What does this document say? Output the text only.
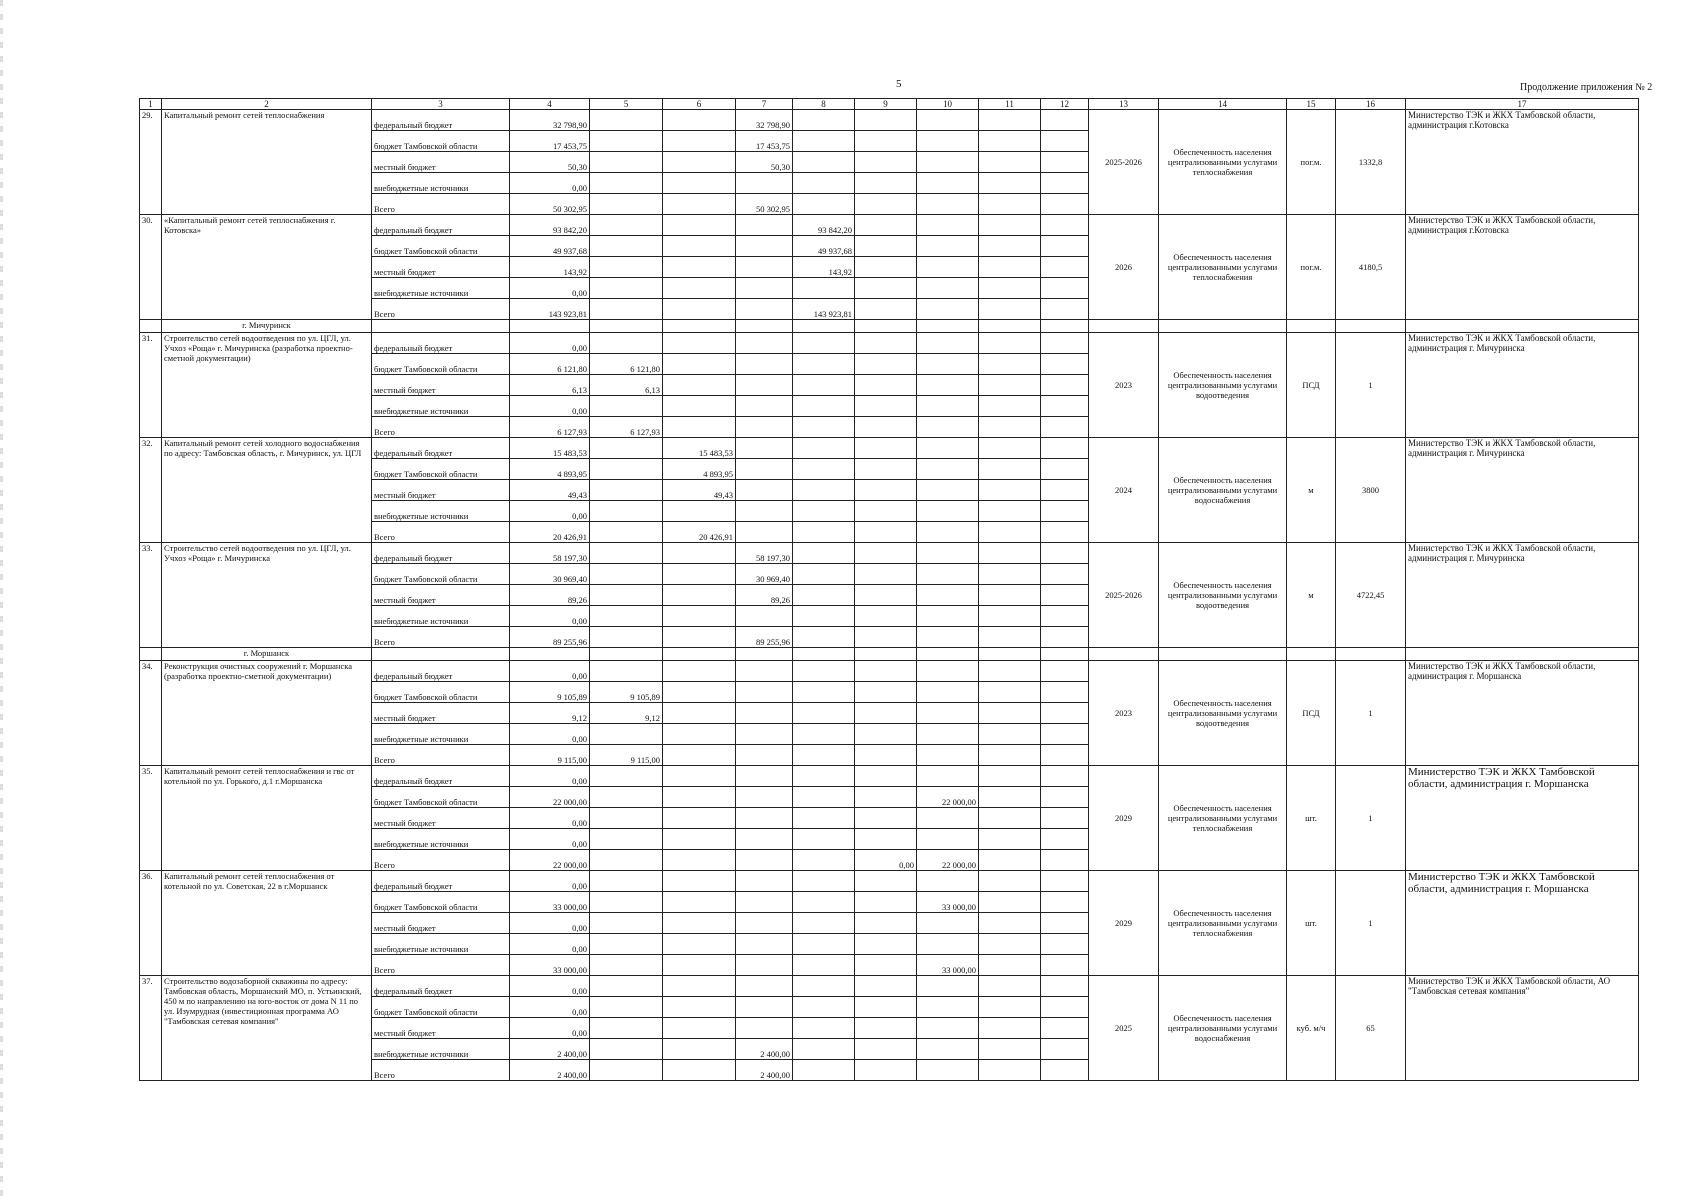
5	Продолжение приложения № 2
1	2	3	4	5	6	7	8	9	10	11	12	13	14	15	16	17
29.	Капитальный ремонт сетей теплоснабжения	федеральный бюджет	32 798,90			32 798,90						2025-2026	Обеспеченность населения централизованными услугами теплоснабжения	пог.м.	1332,8	Министерство ТЭК и ЖКХ Тамбовской области, администрация г.Котовска
		бюджет Тамбовской области	17 453,75			17 453,75										
		местный бюджет	50,30			50,30										
		внебюджетные источники	0,00													
		Всего	50 302,95			50 302,95										
30.	«Капитальный ремонт сетей теплоснабжения г. Котовска»	федеральный бюджет	93 842,20				93 842,20					2026	Обеспеченность населения централизованными услугами теплоснабжения	пог.м.	4180,5	Министерство ТЭК и ЖКХ Тамбовской области, администрация г.Котовска
		бюджет Тамбовской области	49 937,68				49 937,68									
		местный бюджет	143,92				143,92									
		внебюджетные источники	0,00													
		Всего	143 923,81				143 923,81									
	г. Мичуринск															
31.	Строительство сетей водоотведения по ул. ЦГЛ, ул. Учхоз «Роща» г. Мичуринска (разработка проектно-сметной документации)	федеральный бюджет	0,00									2023	Обеспеченность населения централизованными услугами водоотведения	ПСД	1	Министерство ТЭК и ЖКХ Тамбовской области, администрация г. Мичуринска
		бюджет Тамбовской области	6 121,80	6 121,80												
		местный бюджет	6,13	6,13												
		внебюджетные источники	0,00													
		Всего	6 127,93	6 127,93												
32.	Капитальный ремонт сетей холодного водоснабжения по адресу: Тамбовская область, г. Мичуринск, ул. ЦГЛ	федеральный бюджет	15 483,53		15 483,53							2024	Обеспеченность населения централизованными услугами водоснабжения	м	3800	Министерство ТЭК и ЖКХ Тамбовской области, администрация г. Мичуринска
		бюджет Тамбовской области	4 893,95		4 893,95											
		местный бюджет	49,43		49,43											
		внебюджетные источники	0,00													
		Всего	20 426,91		20 426,91											
33.	Строительство сетей водоотведения по ул. ЦГЛ, ул. Учхоз «Роща» г. Мичуринска	федеральный бюджет	58 197,30			58 197,30						2025-2026	Обеспеченность населения централизованными услугами водоотведения	м	4722,45	Министерство ТЭК и ЖКХ Тамбовской области, администрация г. Мичуринска
		бюджет Тамбовской области	30 969,40			30 969,40										
		местный бюджет	89,26			89,26										
		внебюджетные источники	0,00													
		Всего	89 255,96			89 255,96										
	г. Моршанск															
34.	Реконструкция очистных сооружений г. Моршанска (разработка проектно-сметной документации)	федеральный бюджет	0,00									2023	Обеспеченность населения централизованными услугами водоотведения	ПСД	1	Министерство ТЭК и ЖКХ Тамбовской области, администрация г. Моршанска
		бюджет Тамбовской области	9 105,89	9 105,89												
		местный бюджет	9,12	9,12												
		внебюджетные источники	0,00													
		Всего	9 115,00	9 115,00												
35.	Капитальный ремонт сетей теплоснабжения и гвс от котельной по ул. Горького, д.1 г.Моршанска	федеральный бюджет	0,00									2029	Обеспеченность населения централизованными услугами теплоснабжения	шт.	1	Министерство ТЭК и ЖКХ Тамбовской области, администрация г. Моршанска
		бюджет Тамбовской области	22 000,00						22 000,00							
		местный бюджет	0,00													
		внебюджетные источники	0,00													
		Всего	22 000,00					0,00	22 000,00							
36.	Капитальный ремонт сетей теплоснабжения от котельной по ул. Советская, 22 в г.Моршанск	федеральный бюджет	0,00									2029	Обеспеченность населения централизованными услугами теплоснабжения	шт.	1	Министерство ТЭК и ЖКХ Тамбовской области, администрация г. Моршанска
		бюджет Тамбовской области	33 000,00						33 000,00							
		местный бюджет	0,00													
		внебюджетные источники	0,00													
		Всего	33 000,00						33 000,00							
37.	Строительство водозаборной скважины по адресу: Тамбовская область, Моршанский МО, п. Устьинский, 450 м по направлению на юго-восток от дома N 11 по ул. Изумрудная (инвестиционная программа АО "Тамбовская сетевая компания"	федеральный бюджет	0,00									2025	Обеспеченность населения централизованными услугами водоснабжения	куб. м/ч	65	Министерство ТЭК и ЖКХ Тамбовской области, АО "Тамбовская сетевая компания"
		бюджет Тамбовской области	0,00													
		местный бюджет	0,00													
		внебюджетные источники	2 400,00			2 400,00										
		Всего	2 400,00			2 400,00										
